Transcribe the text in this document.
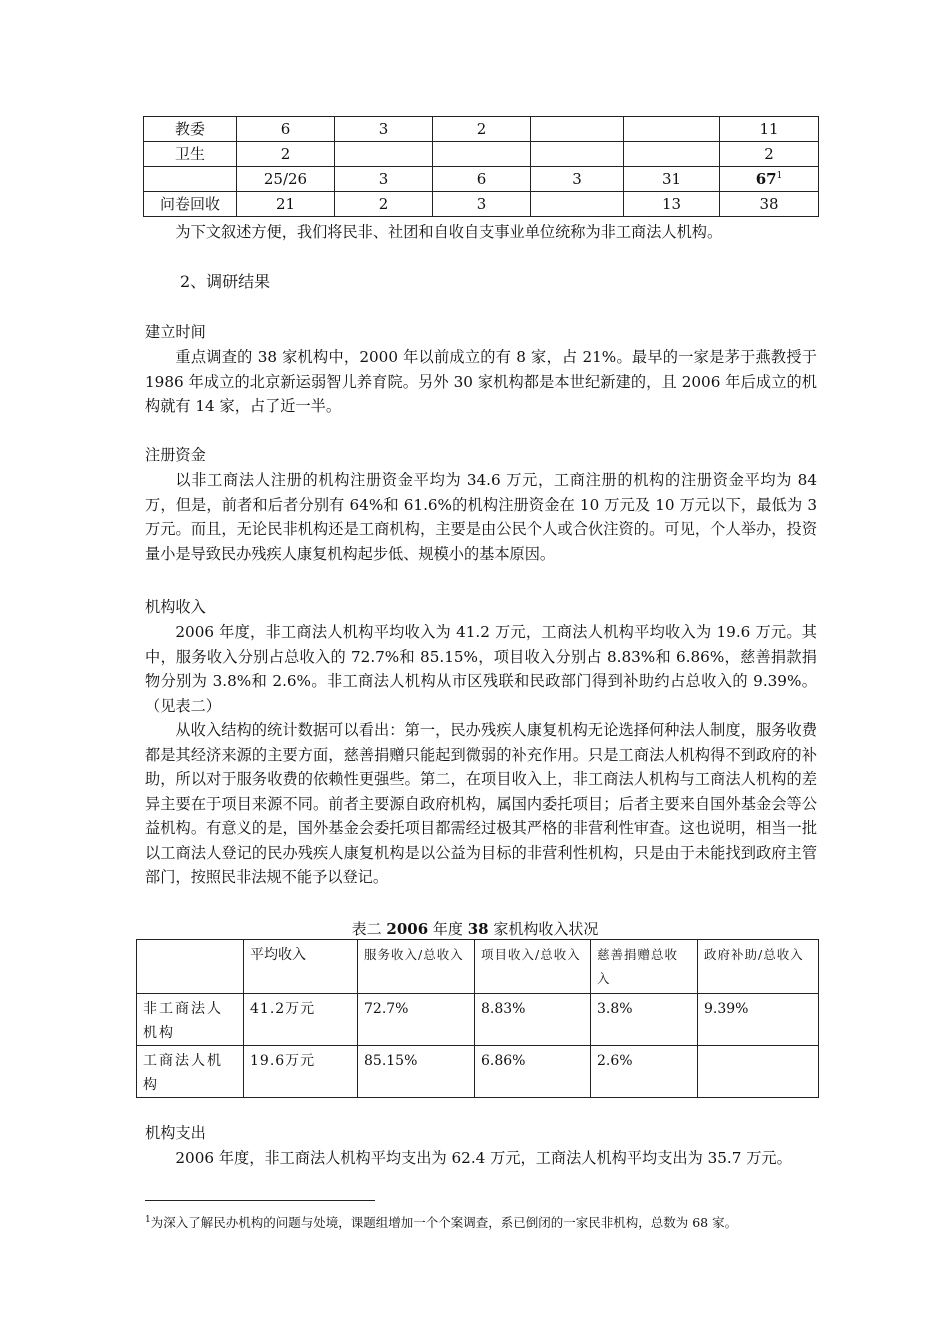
教委	6	3	2			11
卫生	2					2
	25/26	3	6	3	31	67$^1$
问卷回收	21	2	3		13	38

为下文叙述方便，我们将民非、社团和自收自支事业单位统称为非工商法人机构。

2、调研结果

建立时间

重点调查的 38 家机构中，2000 年以前成立的有 8 家，占 21%。最早的一家是茅于燕教授于 1986 年成立的北京新运弱智儿养育院。另外 30 家机构都是本世纪新建的，且 2006 年后成立的机构就有 14 家，占了近一半。

注册资金

以非工商法人注册的机构注册资金平均为 34.6 万元，工商注册的机构的注册资金平均为 84 万，但是，前者和后者分别有 64%和 61.6%的机构注册资金在 10 万元及 10 万元以下，最低为 3 万元。而且，无论民非机构还是工商机构，主要是由公民个人或合伙注资的。可见，个人举办，投资量小是导致民办残疾人康复机构起步低、规模小的基本原因。

机构收入

2006 年度，非工商法人机构平均收入为 41.2 万元，工商法人机构平均收入为 19.6 万元。其中，服务收入分别占总收入的 72.7%和 85.15%，项目收入分别占 8.83%和 6.86%，慈善捐款捐物分别为 3.8%和 2.6%。非工商法人机构从市区残联和民政部门得到补助约占总收入的 9.39%。（见表二）

从收入结构的统计数据可以看出：第一，民办残疾人康复机构无论选择何种法人制度，服务收费都是其经济来源的主要方面，慈善捐赠只能起到微弱的补充作用。只是工商法人机构得不到政府的补助，所以对于服务收费的依赖性更强些。第二，在项目收入上，非工商法人机构与工商法人机构的差异主要在于项目来源不同。前者主要源自政府机构，属国内委托项目；后者主要来自国外基金会等公益机构。有意义的是，国外基金会委托项目都需经过极其严格的非营利性审查。这也说明，相当一批以工商法人登记的民办残疾人康复机构是以公益为目标的非营利性机构，只是由于未能找到政府主管部门，按照民非法规不能予以登记。

表二 2006 年度 38 家机构收入状况
	平均收入	服务收入/总收入	项目收入/总收入	慈善捐赠总收入	政府补助/总收入
非工商法人机构	41.2万元	72.7%	8.83%	3.8%	9.39%
工商法人机构	19.6万元	85.15%	6.86%	2.6%	

机构支出

2006 年度，非工商法人机构平均支出为 62.4 万元，工商法人机构平均支出为 35.7 万元。

$^1$为深入了解民办机构的问题与处境，课题组增加一个个案调查，系已倒闭的一家民非机构，总数为 68 家。
